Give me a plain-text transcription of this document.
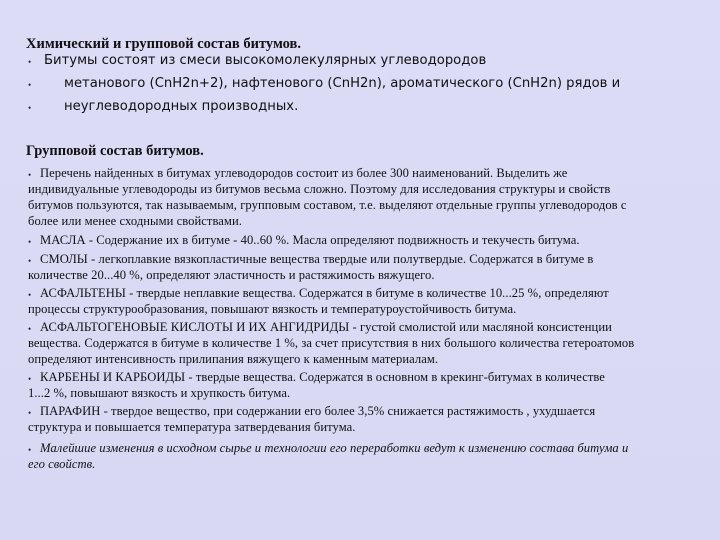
Химический и групповой состав битумов.
• Битумы состоят из смеси высокомолекулярных углеводородов
• метанового (CnH2n+2), нафтенового (CnH2n), ароматического (CnH2n) рядов и
• неуглеводородных производных.
Групповой состав битумов.
• Перечень найденных в битумах углеводородов состоит из более 300 наименований. Выделить же
индивидуальные углеводороды из битумов весьма сложно. Поэтому для исследования структуры и свойств
битумов пользуются, так называемым, групповым составом, т.е. выделяют отдельные группы углеводородов с
более или менее сходными свойствами.
• МАСЛА - Содержание их в битуме - 40..60 %. Масла определяют подвижность и текучесть битума.
• СМОЛЫ - легкоплавкие вязкопластичные вещества твердые или полутвердые. Содержатся в битуме в
количестве 20...40 %, определяют эластичность и растяжимость вяжущего.
• АСФАЛЬТЕНЫ - твердые неплавкие вещества. Содержатся в битуме в количестве 10...25 %, определяют
процессы структурообразования, повышают вязкость и температуроустойчивость битума.
• АСФАЛЬТОГЕНОВЫЕ КИСЛОТЫ И ИХ АНГИДРИДЫ - густой смолистой или масляной консистенции
вещества. Содержатся в битуме в количестве 1 %, за счет присутствия в них большого количества гетероатомов
определяют интенсивность прилипания вяжущего к каменным материалам.
• КАРБЕНЫ И КАРБОИДЫ - твердые вещества. Содержатся в основном в крекинг-битумах в количестве
1...2 %, повышают вязкость и хрупкость битума.
• ПАРАФИН - твердое вещество, при содержании его более 3,5% снижается растяжимость , ухудшается
структура и повышается температура затвердевания битума.
• Малейшие изменения в исходном сырье и технологии его переработки ведут к изменению состава битума и
его свойств.
